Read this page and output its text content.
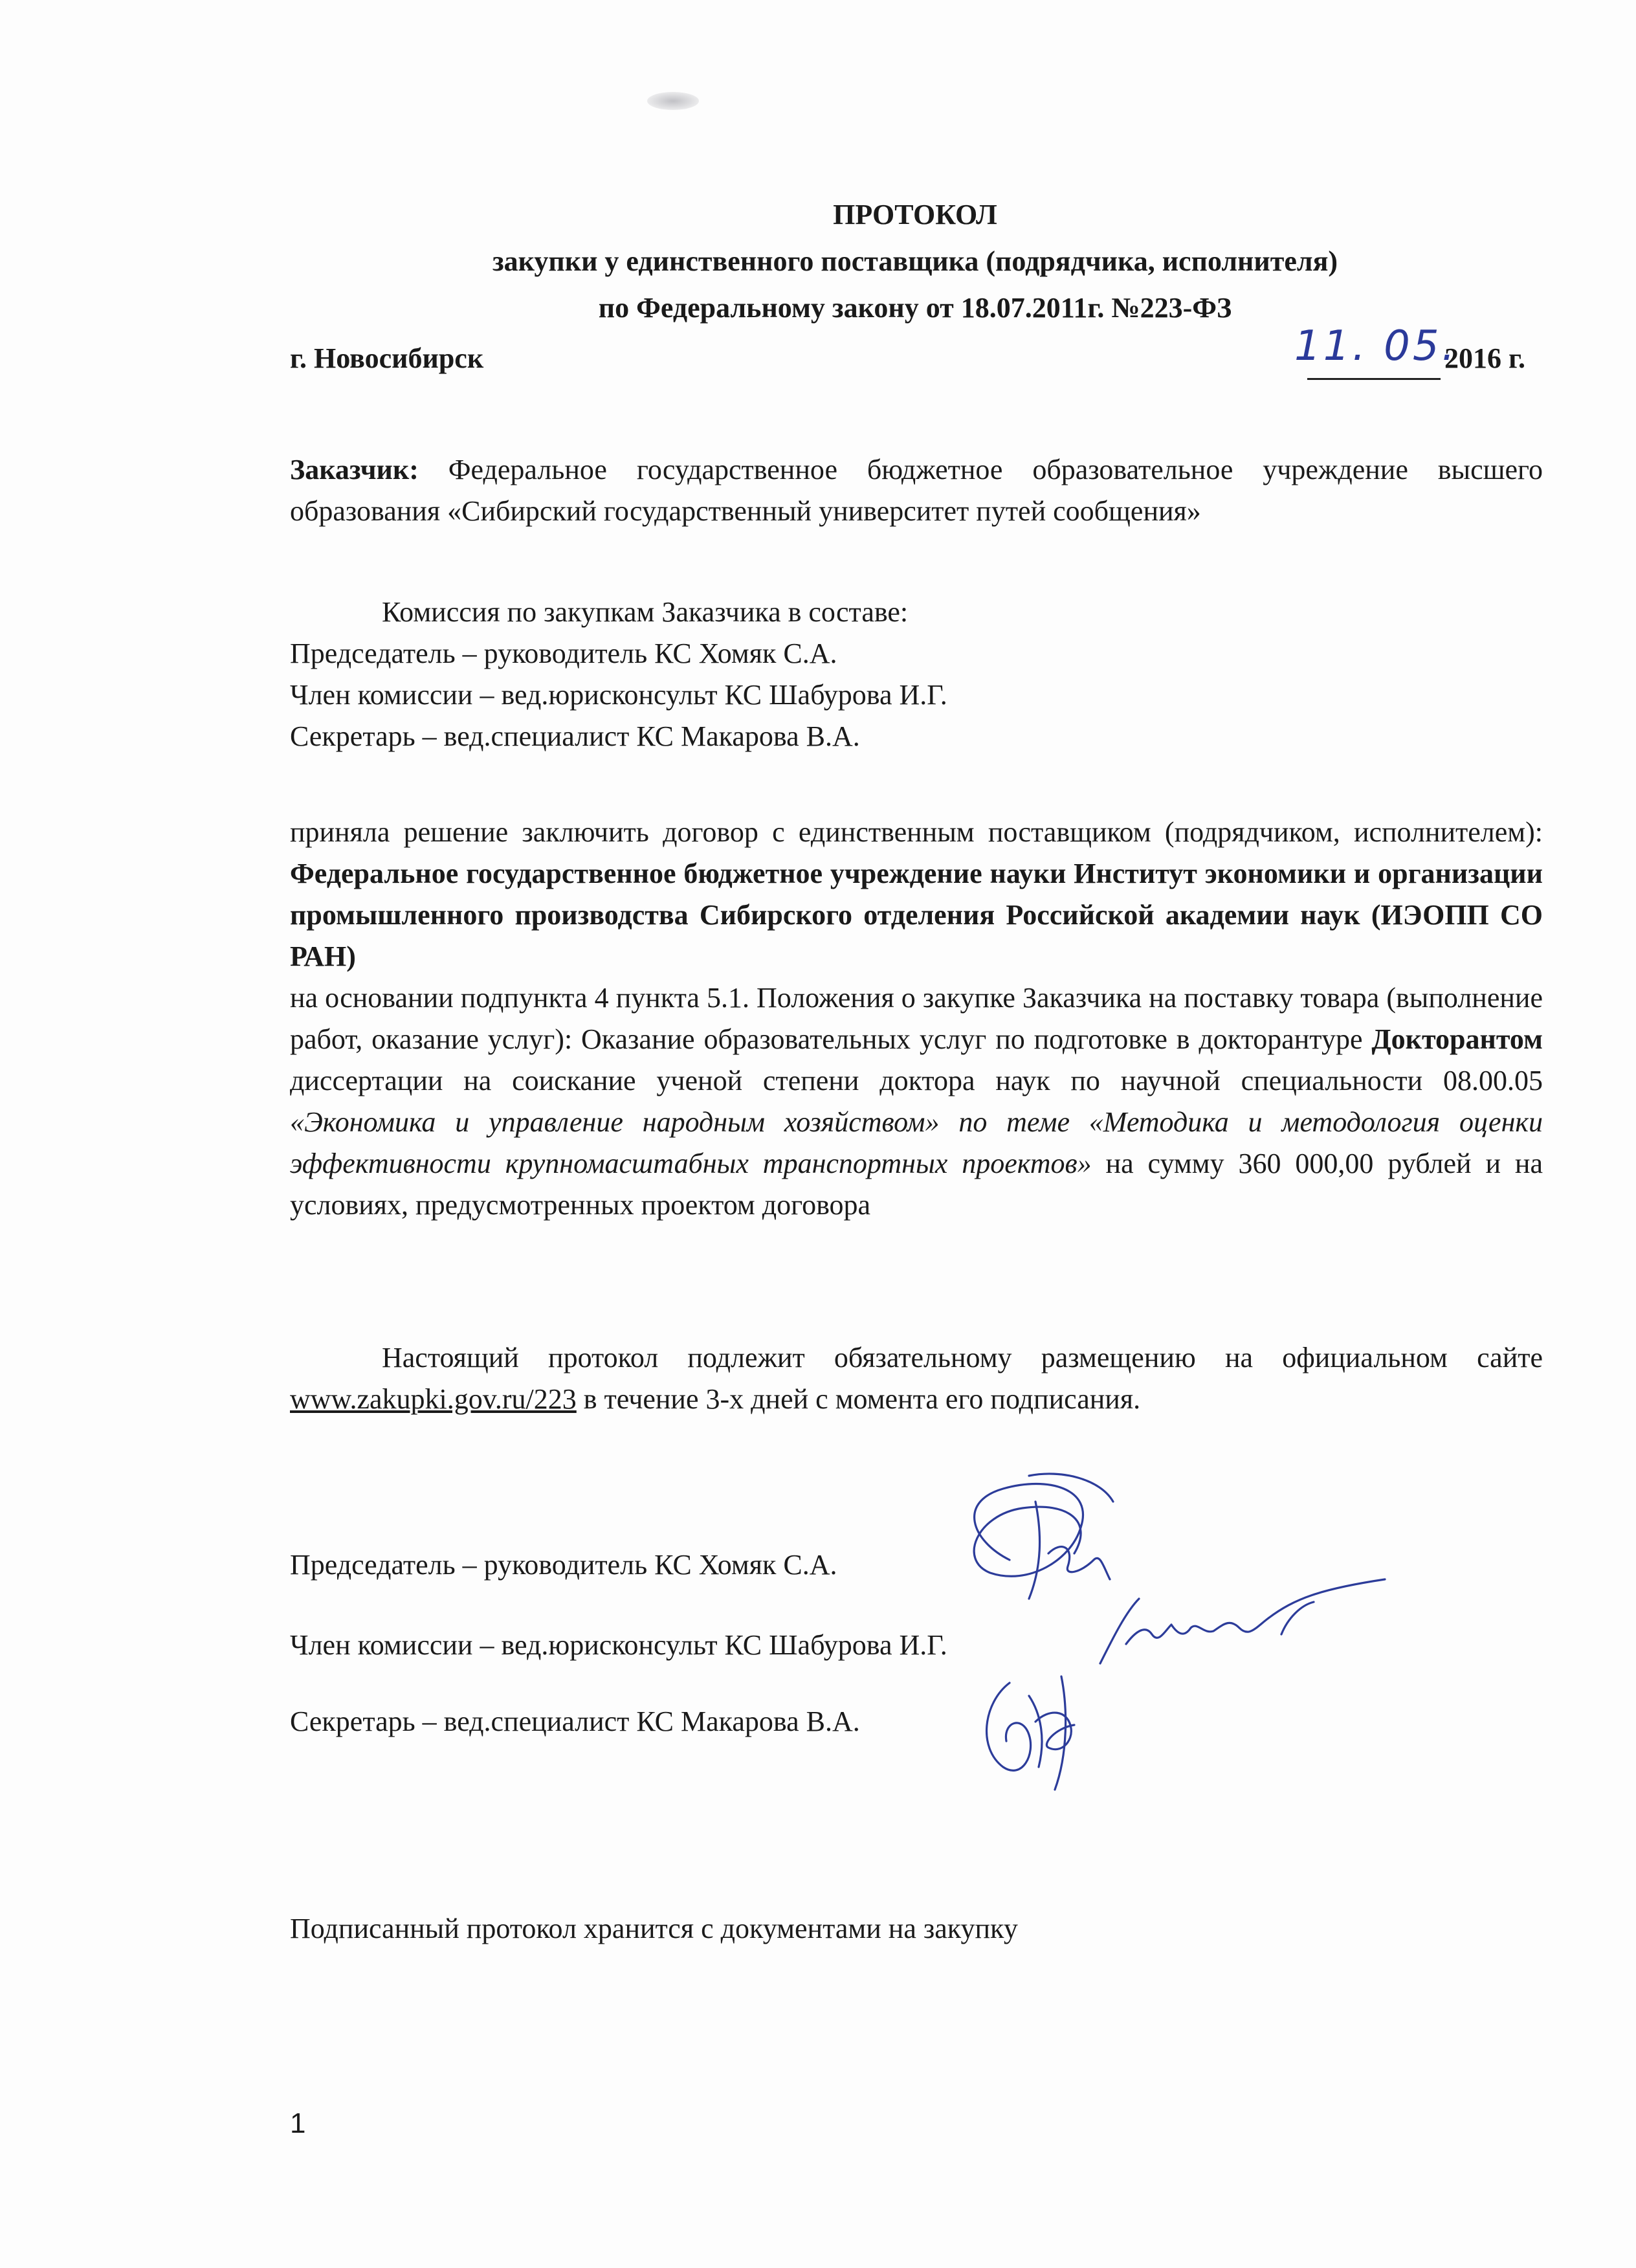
ПРОТОКОЛ
закупки у единственного поставщика (подрядчика, исполнителя)
по Федеральному закону от 18.07.2011г. №223-ФЗ
г. Новосибирск	11. 05.
2016 г.
Заказчик: Федеральное государственное бюджетное образовательное учреждение высшего образования «Сибирский государственный университет путей сообщения»
Комиссия по закупкам Заказчика в составе:
Председатель – руководитель КС Хомяк С.А.
Член комиссии – вед.юрисконсульт КС Шабурова И.Г.
Секретарь – вед.специалист КС Макарова В.А.
приняла решение заключить договор с единственным поставщиком (подрядчиком, исполнителем): Федеральное государственное бюджетное учреждение науки Институт экономики и организации промышленного производства Сибирского отделения Российской академии наук (ИЭОПП СО РАН)
на основании подпункта 4 пункта 5.1. Положения о закупке Заказчика на поставку товара (выполнение работ, оказание услуг): Оказание образовательных услуг по подготовке в докторантуре Докторантом диссертации на соискание ученой степени доктора наук по научной специальности 08.00.05 «Экономика и управление народным хозяйством» по теме «Методика и методология оценки эффективности крупномасштабных транспортных проектов» на сумму 360 000,00 рублей и на условиях, предусмотренных проектом договора
Настоящий протокол подлежит обязательному размещению на официальном сайте www.zakupki.gov.ru/223 в течение 3-х дней с момента его подписания.
Председатель – руководитель КС Хомяк С.А.
Член комиссии – вед.юрисконсульт КС Шабурова И.Г.
Секретарь – вед.специалист КС Макарова В.А.
Подписанный протокол хранится с документами на закупку
1
